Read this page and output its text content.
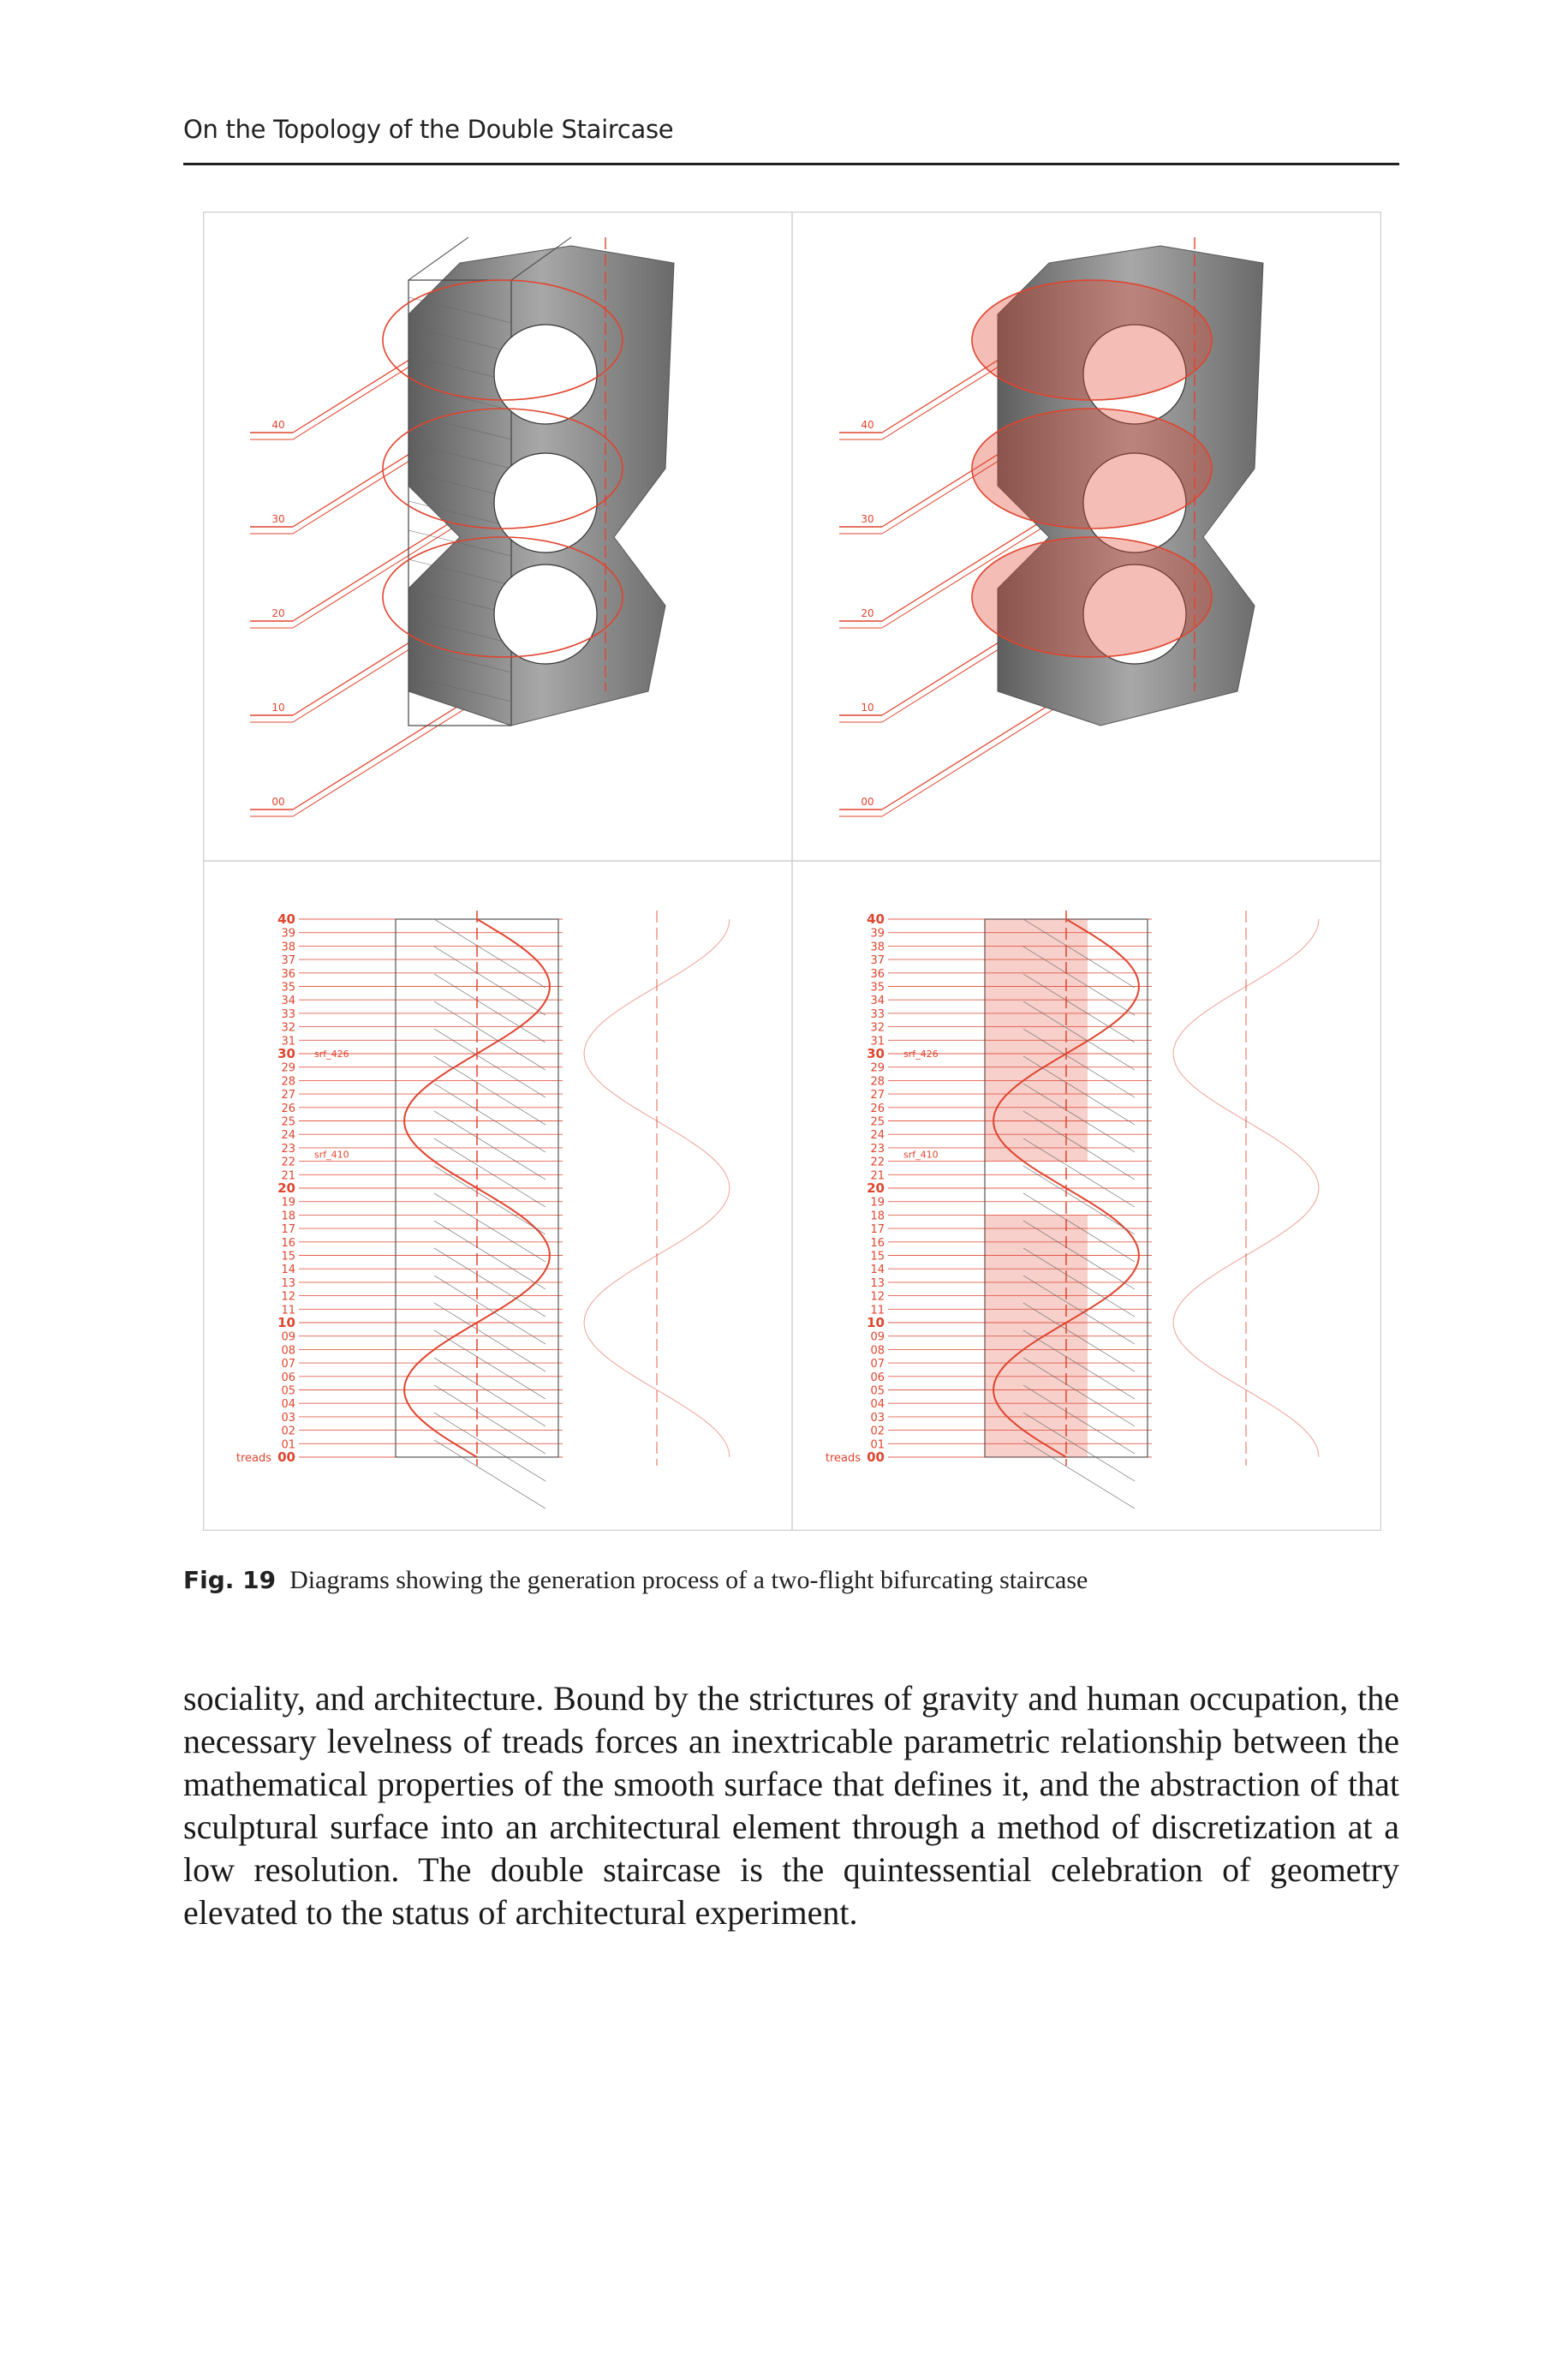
On the Topology of the Double Staircase
40
30
20
10
00
40
30
20
10
00
40
39
38
37
36
35
34
33
32
31
30
29
28
27
26
25
24
23
22
21
20
19
18
17
16
15
14
13
12
11
10
09
08
07
06
05
04
03
02
01
00
treads
srf_426
srf_410
40
39
38
37
36
35
34
33
32
31
30
29
28
27
26
25
24
23
22
21
20
19
18
17
16
15
14
13
12
11
10
09
08
07
06
05
04
03
02
01
00
treads
srf_426
srf_410
Fig. 19 Diagrams showing the generation process of a two-flight bifurcating staircase

sociality, and architecture. Bound by the strictures of gravity and human occupation, the necessary levelness of treads forces an inextricable parametric relationship between the mathematical properties of the smooth surface that defines it, and the abstraction of that sculptural surface into an architectural element through a method of discretization at a low resolution. The double staircase is the quintessential celebration of geometry elevated to the status of architectural experiment.
